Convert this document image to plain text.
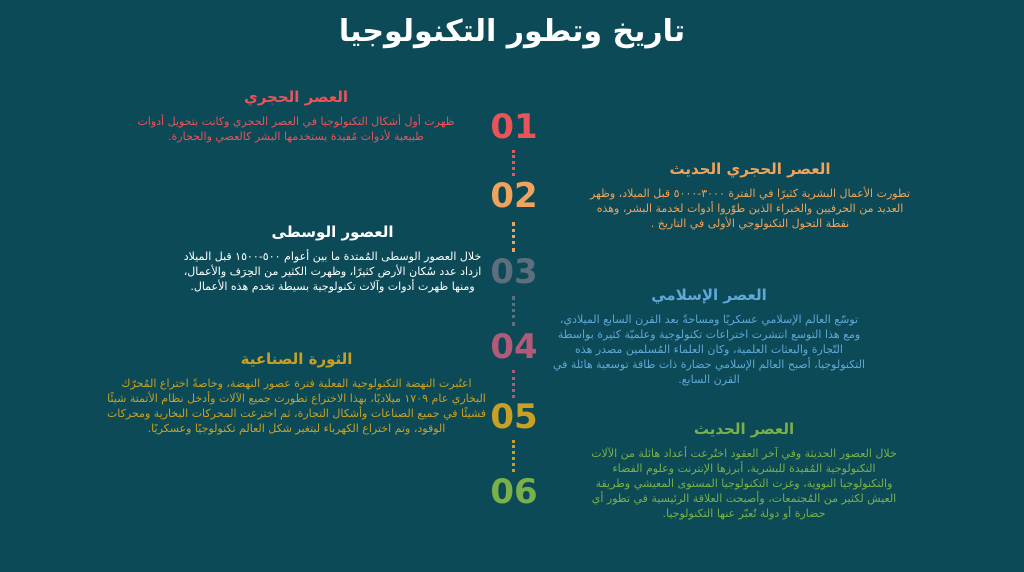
تاريخ وتطور التكنولوجيا
01
02
03
04
05
06
العصر الحجري

ظهرت أول أشكال التكنولوجيا في العصر الحجري وكانت بتحويل أدوات طبيعية لأدوات مُفيدة يستخدمها البشر كالعصي والحجارة.

العصر الحجري الحديث

تطورت الأعمال البشرية كثيرًا في الفترة ٣٠٠٠-٥٠٠٠ قبل الميلاد، وظهر العديد من الحرفيين والخبراء الذين طوّروا أدوات لخدمة البشر، وهذه نقطة التحول التكنولوجي الأولى في التاريخ .

العصور الوسطى

خلال العصور الوسطى المُمتدة ما بين أعوام ٥٠٠-١٥٠٠ قبل الميلاد ازداد عدد سُكان الأرض كثيرًا، وظهرت الكثير من الحِرَف والأعمال، ومنها ظهرت أدوات وآلات تكنولوجية بسيطة تخدم هذه الأعمال.	العصر الإسلامي

توسّع العالم الإسلامي عسكريًا ومساحةً بعد القرن السابع الميلادي، ومع هذا التوسع انتشرت اختراعات تكنولوجية وعلميّة كثيرة بواسطة التّجارة والبعثات العلمية، وكان العلماء المُسلمين مصدر هذه التكنولوجيا، أصبح العالم الإسلامي حضارة ذات طاقة توسعية هائلة في القرن السابع.

الثورة الصناعية

اعتُبرت النهضة التكنولوجية الفعلية فترة عصور النهضة، وخاصةً اختراع المُحرّك البخاري عام ١٧٠٩ ميلاديًا، بهذا الاختراع تطورت جميع الآلات وأدخل نظام الأتمتة شيئًا فشيئًا في جميع الصناعات وأشكال التجارة، ثم اخترعت المحركات البخارية ومحركات الوقود، وتم اختراع الكهرباء ليتغير شكل العالم تكنولوجيًا وعسكريًا.	العصر الحديث

خلال العصور الحديثة وفي آخر العقود اختُرعت أعداد هائلة من الآلات التكنولوجية المُفيدة للبشرية، أبرزها الإنترنت وعلوم الفضاء والتكنولوجيا النووية، وغزت التكنولوجيا المستوى المعيشي وطريقة العيش لكثير من المُجتمعات، وأصبحت العلاقة الرئيسية في تطور أي حضارة أو دولة تُعبّر عنها التكنولوجيا.
